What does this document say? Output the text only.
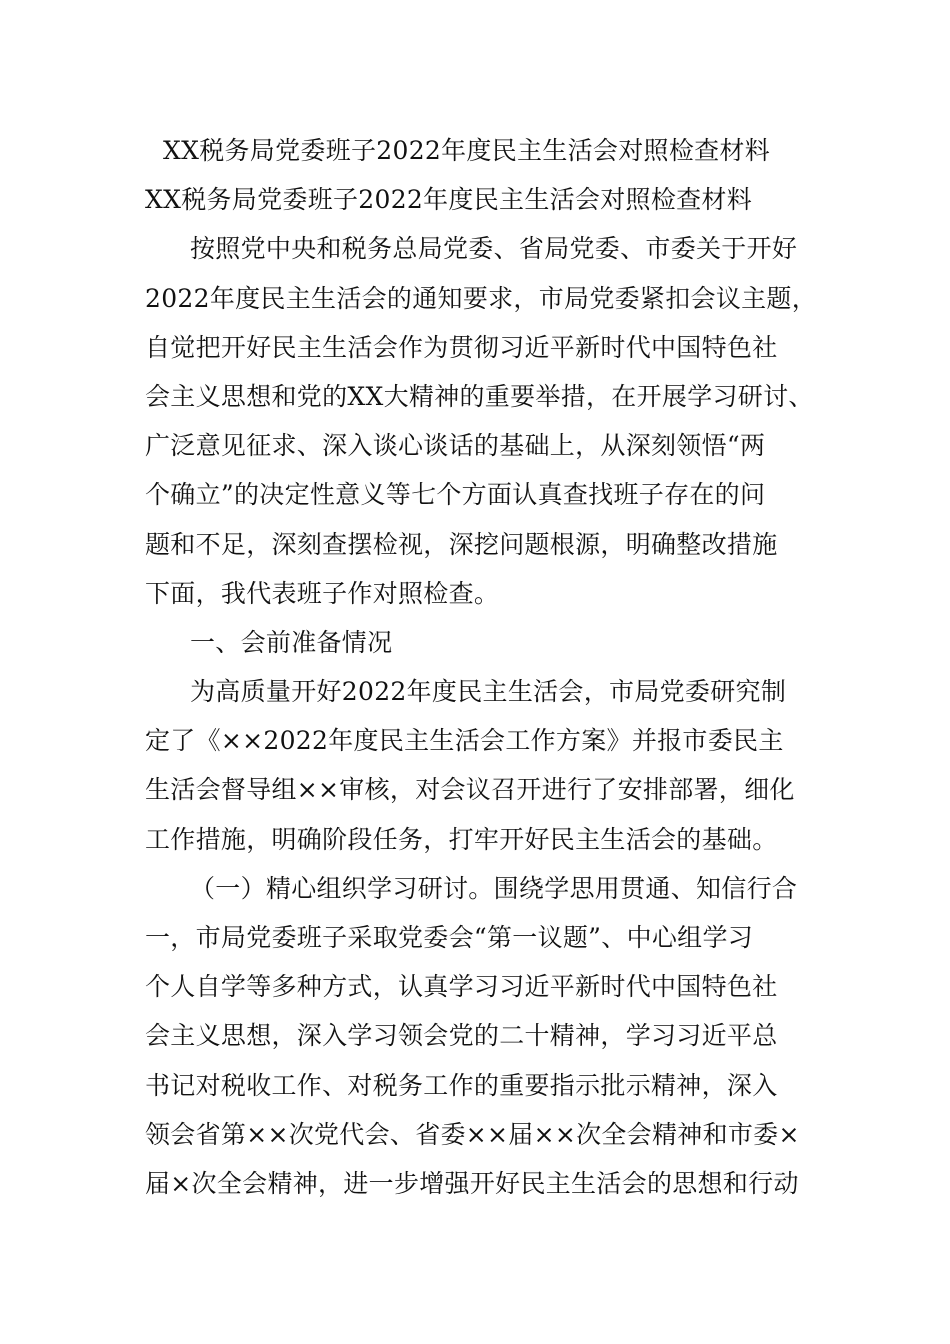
XX税务局党委班子2022年度民主生活会对照检查材料
XX税务局党委班子2022年度民主生活会对照检查材料
按照党中央和税务总局党委、省局党委、市委关于开好
2022年度民主生活会的通知要求，市局党委紧扣会议主题，
自觉把开好民主生活会作为贯彻习近平新时代中国特色社
会主义思想和党的XX大精神的重要举措，在开展学习研讨、
广泛意见征求、深入谈心谈话的基础上，从深刻领悟“两
个确立”的决定性意义等七个方面认真查找班子存在的问
题和不足，深刻查摆检视，深挖问题根源，明确整改措施
下面，我代表班子作对照检查。
一、会前准备情况
为高质量开好2022年度民主生活会，市局党委研究制
定了《××2022年度民主生活会工作方案》并报市委民主
生活会督导组××审核，对会议召开进行了安排部署，细化
工作措施，明确阶段任务，打牢开好民主生活会的基础。
（一）精心组织学习研讨。围绕学思用贯通、知信行合
一，市局党委班子采取党委会“第一议题”、中心组学习
个人自学等多种方式，认真学习习近平新时代中国特色社
会主义思想，深入学习领会党的二十精神，学习习近平总
书记对税收工作、对税务工作的重要指示批示精神，深入
领会省第××次党代会、省委××届××次全会精神和市委×
届×次全会精神，进一步增强开好民主生活会的思想和行动
